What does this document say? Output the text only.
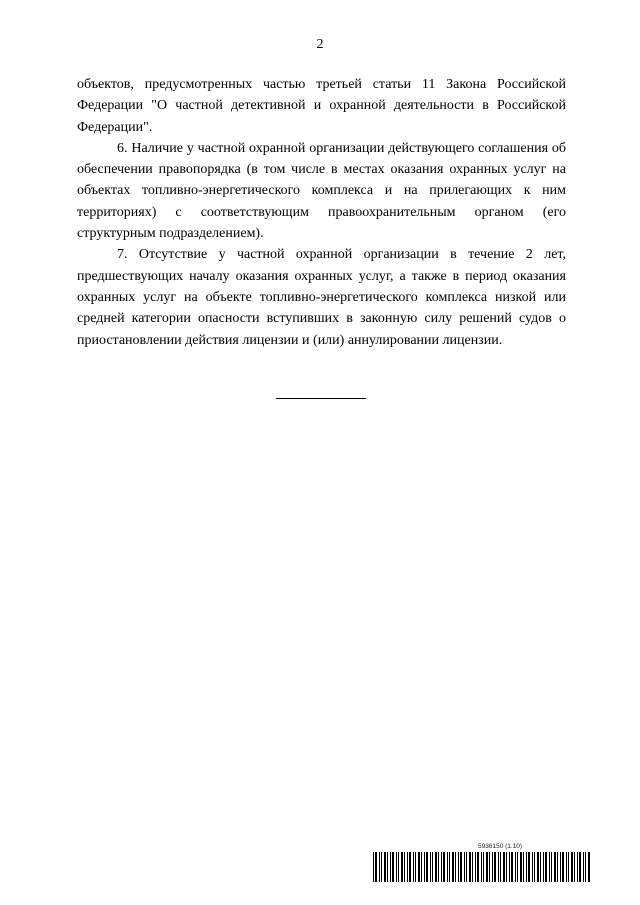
2

объектов, предусмотренных частью третьей статьи 11 Закона Российской Федерации "О частной детективной и охранной деятельности в Российской Федерации".

6. Наличие у частной охранной организации действующего соглашения об обеспечении правопорядка (в том числе в местах оказания охранных услуг на объектах топливно-энергетического комплекса и на прилегающих к ним территориях) с соответствующим правоохранительным органом (его структурным подразделением).

7. Отсутствие у частной охранной организации в течение 2 лет, предшествующих началу оказания охранных услуг, а также в период оказания охранных услуг на объекте топливно-энергетического комплекса низкой или средней категории опасности вступивших в законную силу решений судов о приостановлении действия лицензии и (или) аннулировании лицензии.

5936150 (1.10)
